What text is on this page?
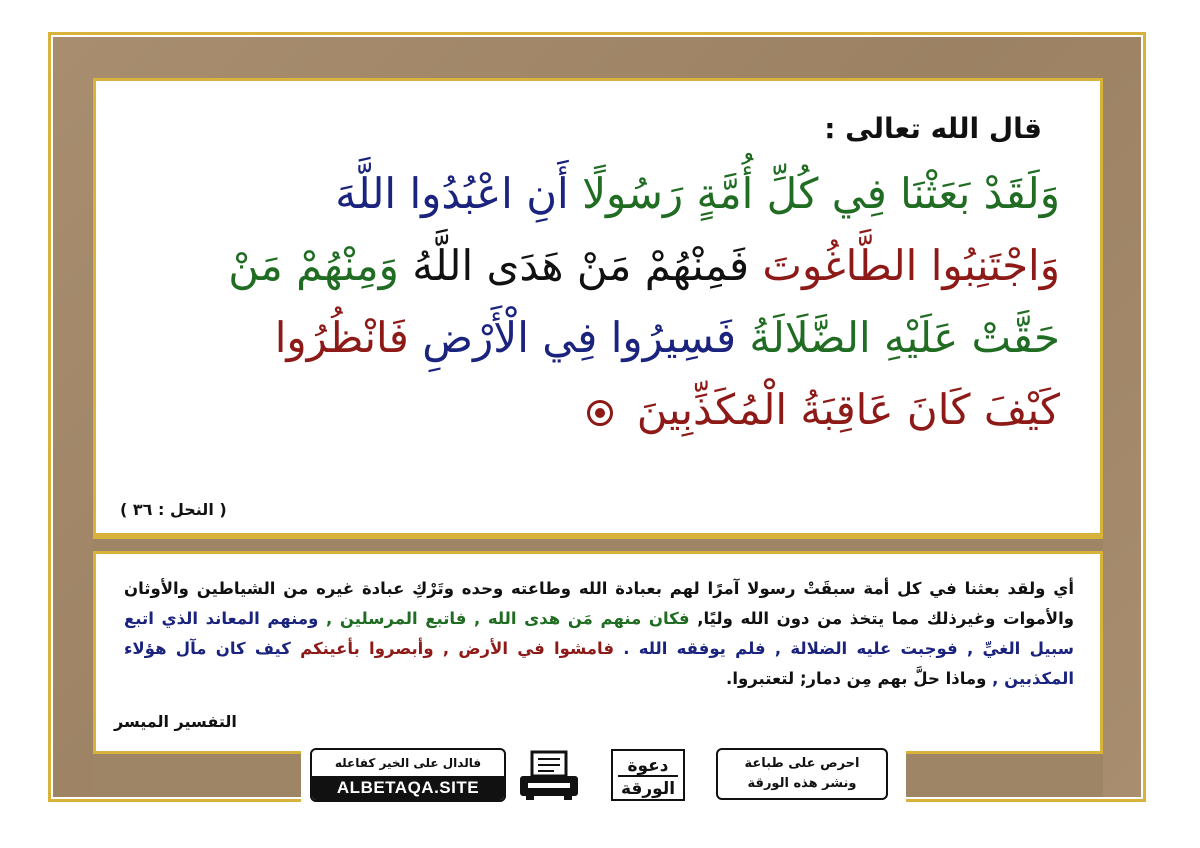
قال الله تعالى :
وَلَقَدْ بَعَثْنَا فِي كُلِّ أُمَّةٍ رَسُولًا أَنِ اعْبُدُوا اللَّهَ
وَاجْتَنِبُوا الطَّاغُوتَ فَمِنْهُمْ مَنْ هَدَى اللَّهُ وَمِنْهُمْ مَنْ
حَقَّتْ عَلَيْهِ الضَّلَالَةُ فَسِيرُوا فِي الْأَرْضِ فَانْظُرُوا
كَيْفَ كَانَ عَاقِبَةُ الْمُكَذِّبِينَ
( النحل : ٣٦ )
أي ولقد بعثنا في كل أمة سبقَتْ رسولا آمرًا لهم بعبادة الله وطاعته وحده وتَرْكِ عبادة غيره من الشياطين والأوثان والأموات وغيرذلك مما يتخذ من دون الله وليًا, فكان منهم مَن هدى الله , فاتبع المرسلين , ومنهم المعاند الذي اتبع سبيل الغيِّ , فوجبت عليه الضلالة , فلم يوفقه الله . فامشوا في الأرض , وأبصروا بأعينكم كيف كان مآل هؤلاء المكذبين , وماذا حلَّ بهم مِن دمار; لتعتبروا.
التفسير الميسر
احرص على طباعة
ونشر هذه الورقة
دعوة
الورقة
فالدال على الخير كفاعله
ALBETAQA.SITE
